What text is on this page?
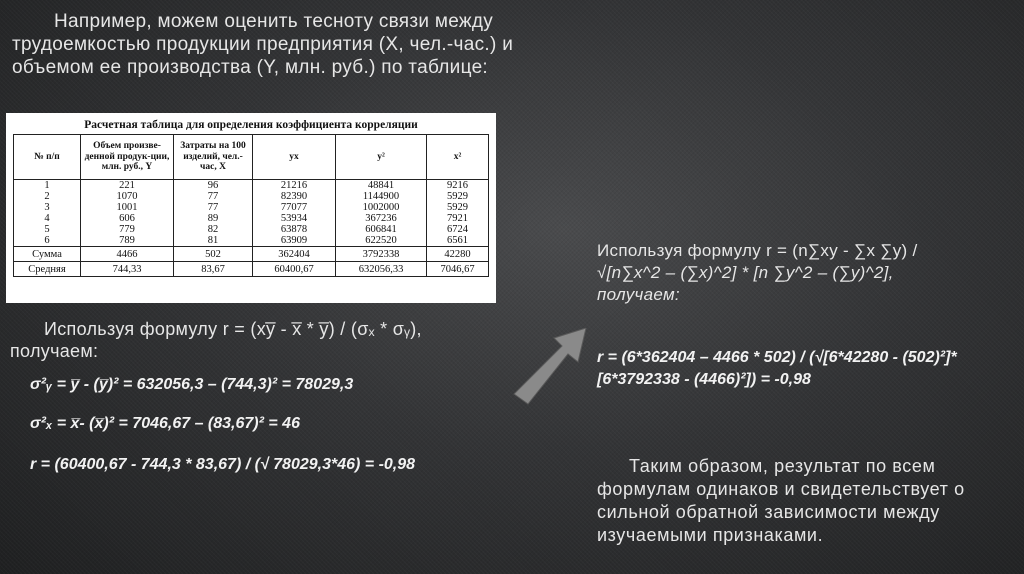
Например, можем оценить тесноту связи между трудоемкостью продукции предприятия (X, чел.-час.) и объемом ее производства (Y, млн. руб.) по таблице:
Расчетная таблица для определения коэффициента корреляции
№ п/п	Объем произве-денной продук-ции, млн. руб., Y	Затраты на 100 изделий, чел.-час, X	yx	y²	x²
1	221	96	21216	48841	9216
2	1070	77	82390	1144900	5929
3	1001	77	77077	1002000	5929
4	606	89	53934	367236	7921
5	779	82	63878	606841	6724
6	789	81	63909	622520	6561
Сумма	4466	502	362404	3792338	42280
Средняя	744,33	83,67	60400,67	632056,33	7046,67
Используя формулу r = (xy̅ - x̅ * y̅) / (σₓ * σᵧ), получаем:
σ²ᵧ = y̅ - (y̅)² = 632056,3 – (744,3)² = 78029,3
σ²ₓ = x̅- (x̅)² = 7046,67 – (83,67)² = 46
r = (60400,67 - 744,3 * 83,67) / (√ 78029,3*46) = -0,98
Используя формулу r = (n∑xy - ∑x ∑y) /
√[n∑x^2 – (∑x)^2] * [n ∑y^2 – (∑y)^2],
получаем:
r = (6*362404 – 4466 * 502) / (√[6*42280 - (502)²]*[6*3792338 - (4466)²]) = -0,98
Таким образом, результат по всем формулам одинаков и свидетельствует о сильной обратной зависимости между изучаемыми признаками.
